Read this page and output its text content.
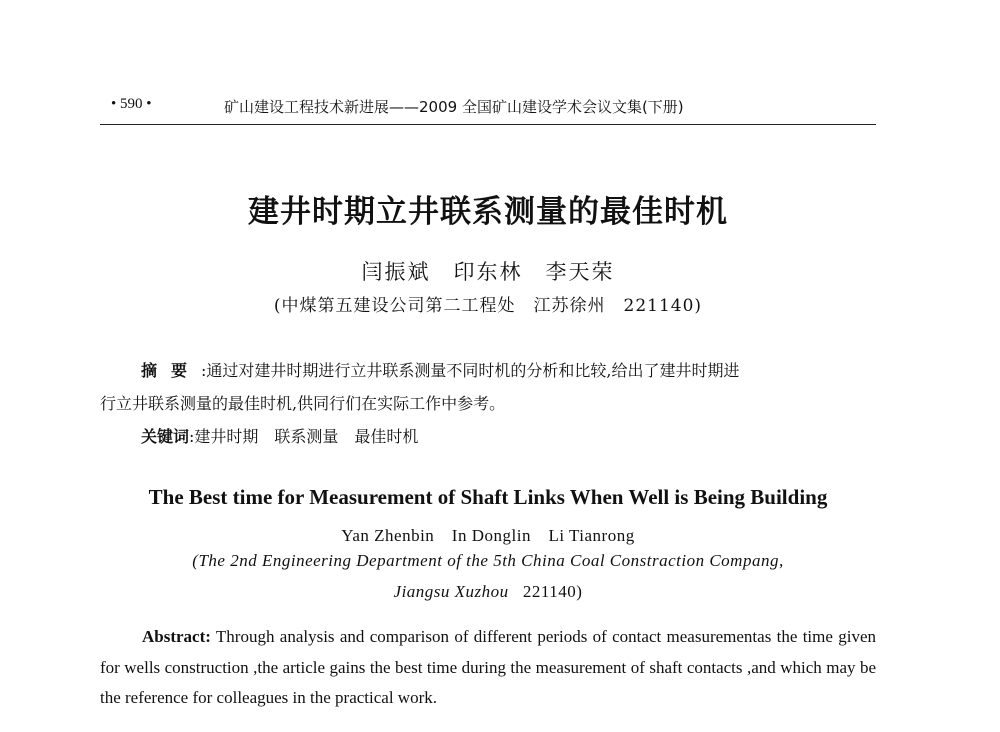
• 590 •	矿山建设工程技术新进展——2009 全国矿山建设学术会议文集(下册)
建井时期立井联系测量的最佳时机
闫振斌　印东林　李天荣
(中煤第五建设公司第二工程处　江苏徐州　221140)
摘要:通过对建井时期进行立井联系测量不同时机的分析和比较,给出了建井时期进
行立井联系测量的最佳时机,供同行们在实际工作中参考。
关键词:建井时期　联系测量　最佳时机
The Best time for Measurement of Shaft Links When Well is Being Building
Yan Zhenbin　In Donglin　Li Tianrong
(The 2nd Engineering Department of the 5th China Coal Constraction Compang,
Jiangsu Xuzhou 221140)
Abstract: Through analysis and comparison of different periods of contact measurementas the time given for wells construction ,the article gains the best time during the measurement of shaft contacts ,and which may be the reference for colleagues in the practical work.
